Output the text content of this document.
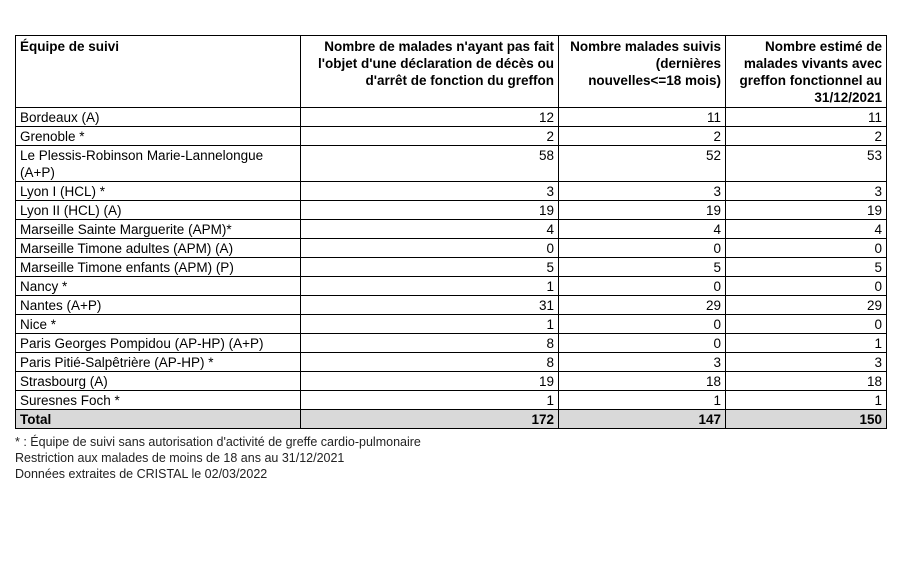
Équipe de suivi	Nombre de malades n'ayant pas fait l'objet d'une déclaration de décès ou d'arrêt de fonction du greffon	Nombre malades suivis (dernières nouvelles<=18 mois)	Nombre estimé de malades vivants avec greffon fonctionnel au 31/12/2021
Bordeaux (A)	12	11	11
Grenoble *	2	2	2
Le Plessis-Robinson Marie-Lannelongue (A+P)	58	52	53
Lyon I (HCL) *	3	3	3
Lyon II (HCL) (A)	19	19	19
Marseille Sainte Marguerite (APM)*	4	4	4
Marseille Timone adultes (APM) (A)	0	0	0
Marseille Timone enfants (APM) (P)	5	5	5
Nancy *	1	0	0
Nantes (A+P)	31	29	29
Nice *	1	0	0
Paris Georges Pompidou (AP-HP) (A+P)	8	0	1
Paris Pitié-Salpêtrière (AP-HP) *	8	3	3
Strasbourg (A)	19	18	18
Suresnes Foch *	1	1	1
Total	172	147	150
* : Équipe de suivi sans autorisation d'activité de greffe cardio-pulmonaire
Restriction aux malades de moins de 18 ans au 31/12/2021
Données extraites de CRISTAL le 02/03/2022
